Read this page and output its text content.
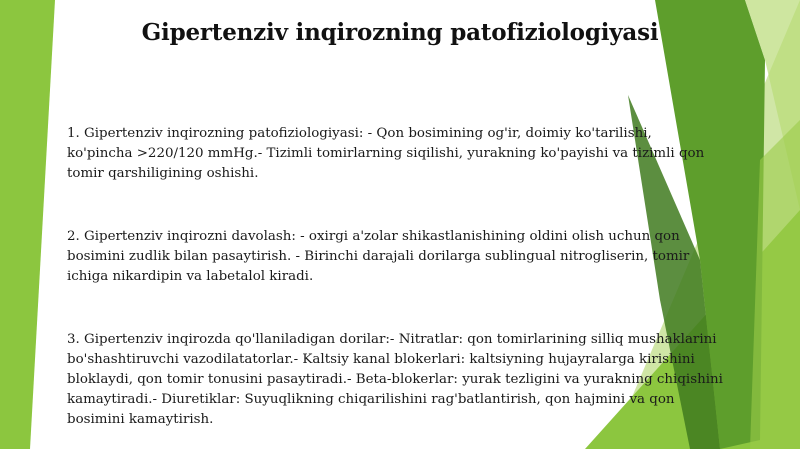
Gipertenziv inqirozning patofiziologiyasi

1. Gipertenziv inqirozning patofiziologiyasi: - Qon bosimining og'ir, doimiy ko'tarilishi,
ko'pincha >220/120 mmHg.- Tizimli tomirlarning siqilishi, yurakning ko'payishi va tizimli qon
tomir qarshiligining oshishi.

2. Gipertenziv inqirozni davolash: - oxirgi a'zolar shikastlanishining oldini olish uchun qon
bosimini zudlik bilan pasaytirish. - Birinchi darajali dorilarga sublingual nitrogliserin, tomir
ichiga nikardipin va labetalol kiradi.

3. Gipertenziv inqirozda qo'llaniladigan dorilar:- Nitratlar: qon tomirlarining silliq mushaklarini
bo'shashtiruvchi vazodilatatorlar.- Kaltsiy kanal blokerlari: kaltsiyning hujayralarga kirishini
bloklaydi, qon tomir tonusini pasaytiradi.- Beta-blokerlar: yurak tezligini va yurakning chiqishini
kamaytiradi.- Diuretiklar: Suyuqlikning chiqarilishini rag'batlantirish, qon hajmini va qon
bosimini kamaytirish.
